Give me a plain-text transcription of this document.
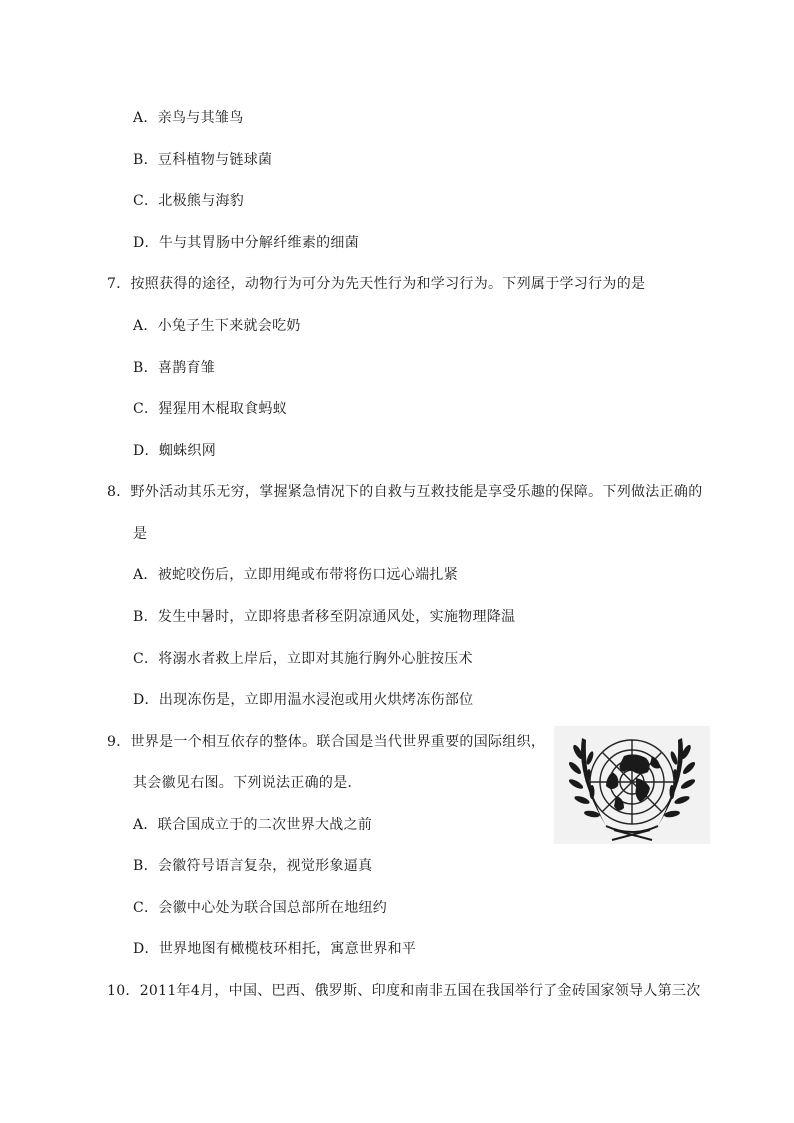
A．亲鸟与其雏鸟
B．豆科植物与链球菌
C．北极熊与海豹
D．牛与其胃肠中分解纤维素的细菌
7．按照获得的途径，动物行为可分为先天性行为和学习行为。下列属于学习行为的是
A．小兔子生下来就会吃奶
B．喜鹊育雏
C．猩猩用木棍取食蚂蚁
D．蜘蛛织网
8．野外活动其乐无穷，掌握紧急情况下的自救与互救技能是享受乐趣的保障。下列做法正确的
是
A．被蛇咬伤后，立即用绳或布带将伤口远心端扎紧
B．发生中暑时，立即将患者移至阴凉通风处，实施物理降温
C．将溺水者救上岸后，立即对其施行胸外心脏按压术
D．出现冻伤是，立即用温水浸泡或用火烘烤冻伤部位
9．世界是一个相互依存的整体。联合国是当代世界重要的国际组织，
其会徽见右图。下列说法正确的是．
A．联合国成立于的二次世界大战之前
B．会徽符号语言复杂，视觉形象逼真
C．会徽中心处为联合国总部所在地纽约
D．世界地图有橄榄枝环相托，寓意世界和平
10．2011年4月，中国、巴西、俄罗斯、印度和南非五国在我国举行了金砖国家领导人第三次
